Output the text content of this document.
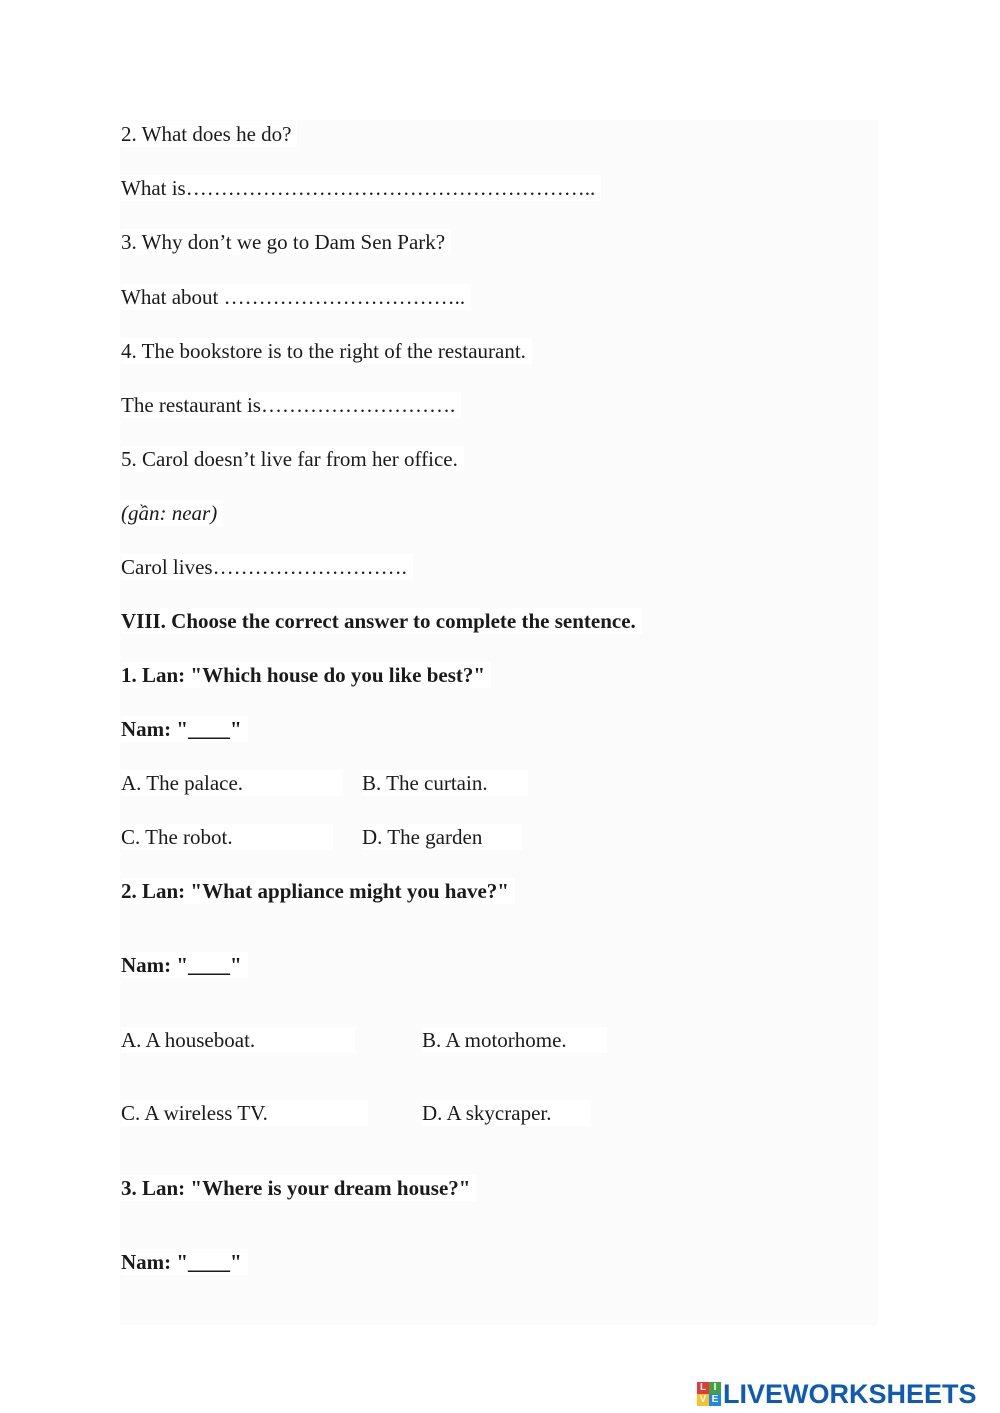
2. What does he do?
What is…………………………………………………..
3. Why don’t we go to Dam Sen Park?
What about ……………………………..
4. The bookstore is to the right of the restaurant.
The restaurant is……………………….
5. Carol doesn’t live far from her office.
(gần: near)
Carol lives……………………….
VIII. Choose the correct answer to complete the sentence.
1. Lan: "Which house do you like best?"
Nam: "____"
A. The palace.	B. The curtain.
C. The robot.	D. The garden
2. Lan: "What appliance might you have?"
Nam: "____"
A. A houseboat.	B. A motorhome.
C. A wireless TV.	D. A skycraper.
3. Lan: "Where is your dream house?"
Nam: "____"
L I
V E LIVEWORKSHEETS
